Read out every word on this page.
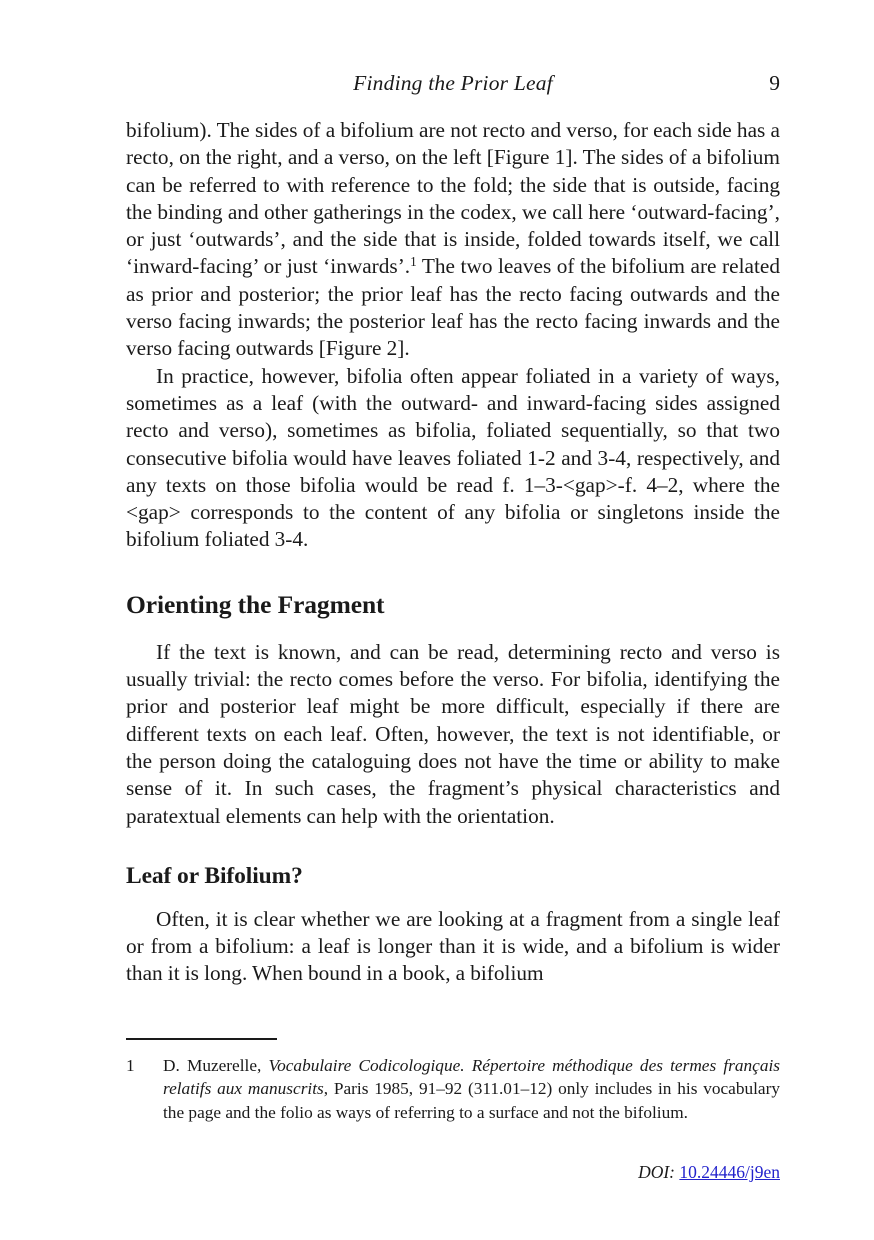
Finding the Prior Leaf	9

bifolium). The sides of a bifolium are not recto and verso, for each side has a recto, on the right, and a verso, on the left [Figure 1]. The sides of a bifolium can be referred to with reference to the fold; the side that is outside, facing the binding and other gatherings in the codex, we call here ‘outward-facing’, or just ‘outwards’, and the side that is inside, folded towards itself, we call ‘inward-facing’ or just ‘inwards’.$^1$ The two leaves of the bifolium are related as prior and posterior; the prior leaf has the recto facing outwards and the verso facing inwards; the posterior leaf has the recto facing inwards and the verso facing outwards [Figure 2].

In practice, however, bifolia often appear foliated in a variety of ways, sometimes as a leaf (with the outward- and inward-facing sides assigned recto and verso), sometimes as bifolia, foliated sequentially, so that two consecutive bifolia would have leaves foliated 1-2 and 3-4, respectively, and any texts on those bifolia would be read f. 1–3-<gap>-f. 4–2, where the <gap> corresponds to the content of any bifolia or singletons inside the bifolium foliated 3-4.

Orienting the Fragment

If the text is known, and can be read, determining recto and verso is usually trivial: the recto comes before the verso. For bifolia, identifying the prior and posterior leaf might be more difficult, especially if there are different texts on each leaf. Often, however, the text is not identifiable, or the person doing the cataloguing does not have the time or ability to make sense of it. In such cases, the fragment’s physical characteristics and paratextual elements can help with the orientation.

Leaf or Bifolium?

Often, it is clear whether we are looking at a fragment from a single leaf or from a bifolium: a leaf is longer than it is wide, and a bifolium is wider than it is long. When bound in a book, a bifolium

1 D. Muzerelle, Vocabulaire Codicologique. Répertoire méthodique des termes français relatifs aux manuscrits, Paris 1985, 91–92 (311.01–12) only includes in his vocabulary the page and the folio as ways of referring to a surface and not the bifolium.
DOI: 10.24446/j9en
